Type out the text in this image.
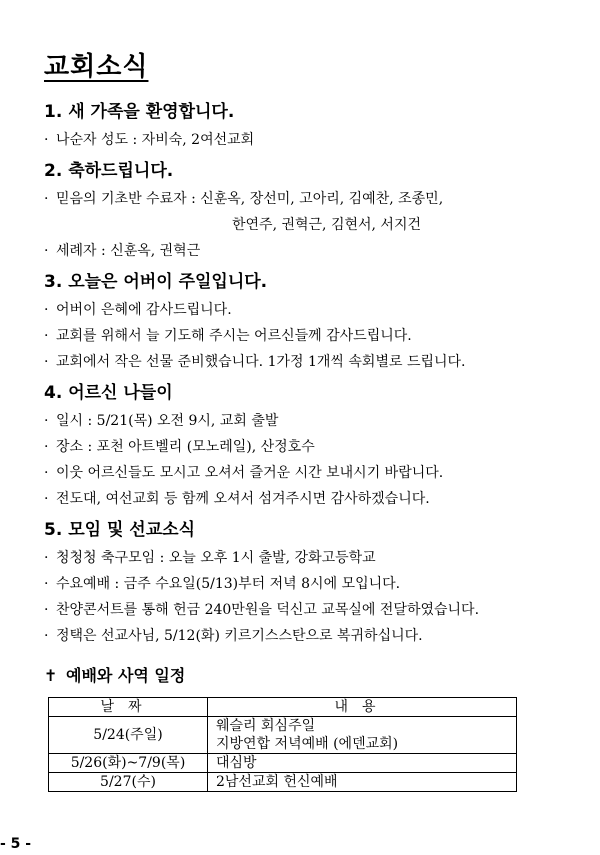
교회소식
1. 새 가족을 환영합니다.
· 나순자 성도 : 자비숙, 2여선교회
2. 축하드립니다.
· 믿음의 기초반 수료자 : 신훈옥, 장선미, 고아리, 김예찬, 조종민,
한연주, 권혁근, 김현서, 서지건
· 세례자 : 신훈옥, 권혁근
3. 오늘은 어버이 주일입니다.
· 어버이 은혜에 감사드립니다.
· 교회를 위해서 늘 기도해 주시는 어르신들께 감사드립니다.
· 교회에서 작은 선물 준비했습니다. 1가정 1개씩 속회별로 드립니다.
4. 어르신 나들이
· 일시 : 5/21(목) 오전 9시, 교회 출발
· 장소 : 포천 아트벨리 (모노레일), 산정호수
· 이웃 어르신들도 모시고 오셔서 즐거운 시간 보내시기 바랍니다.
· 전도대, 여선교회 등 함께 오셔서 섬겨주시면 감사하겠습니다.
5. 모임 및 선교소식
· 청청청 축구모임 : 오늘 오후 1시 출발, 강화고등학교
· 수요예배 : 금주 수요일(5/13)부터 저녁 8시에 모입니다.
· 찬양콘서트를 통해 헌금 240만원을 덕신고 교목실에 전달하였습니다.
· 정택은 선교사님, 5/12(화) 키르기스스탄으로 복귀하십니다.
✝ 예배와 사역 일정
날짜	내용
5/24(주일)	웨슬리 회심주일
지방연합 저녁예배 (에덴교회)

5/26(화)~7/9(목)	대심방
5/27(수)	2남선교회 헌신예배
- 5 -
